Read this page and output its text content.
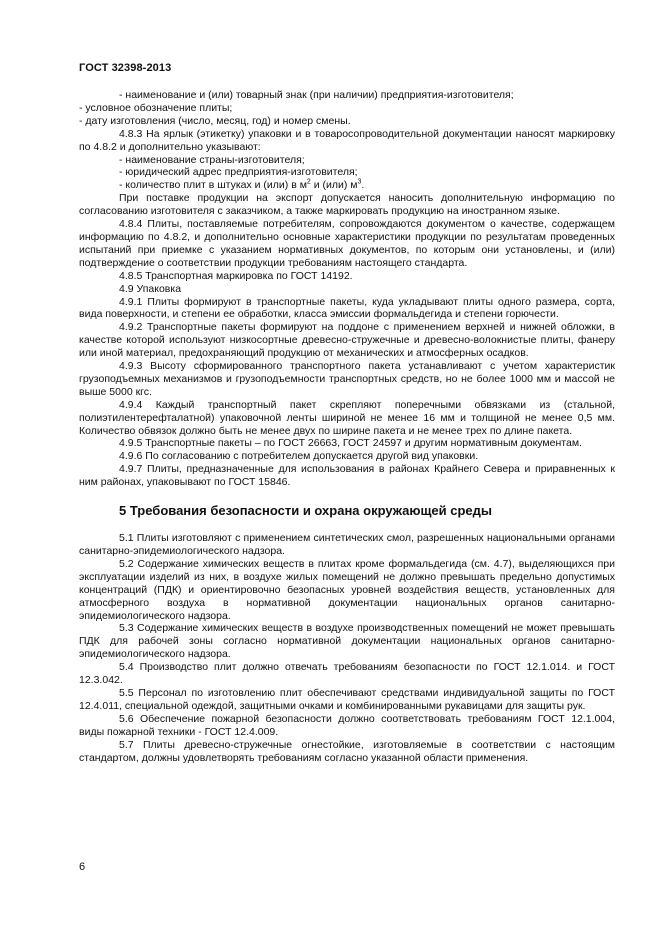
ГОСТ 32398-2013

- наименование и (или) товарный знак (при наличии) предприятия-изготовителя;

- условное обозначение плиты;

- дату изготовления (число, месяц, год) и номер смены.

4.8.3 На ярлык (этикетку) упаковки и в товаросопроводительной документации наносят маркировку по 4.8.2 и дополнительно указывают:

- наименование страны-изготовителя;

- юридический адрес предприятия-изготовителя;

- количество плит в штуках и (или) в $м^2$ и (или) $м^3$.

При поставке продукции на экспорт допускается наносить дополнительную информацию по согласованию изготовителя с заказчиком, а также маркировать продукцию на иностранном языке.

4.8.4 Плиты, поставляемые потребителям, сопровождаются документом о качестве, содержащем информацию по 4.8.2, и дополнительно основные характеристики продукции по результатам проведенных испытаний при приемке с указанием нормативных документов, по которым они установлены, и (или) подтверждение о соответствии продукции требованиям настоящего стандарта.

4.8.5 Транспортная маркировка по ГОСТ 14192.

4.9 Упаковка

4.9.1 Плиты формируют в транспортные пакеты, куда укладывают плиты одного размера, сорта, вида поверхности, и степени ее обработки, класса эмиссии формальдегида и степени горючести.

4.9.2 Транспортные пакеты формируют на поддоне с применением верхней и нижней обложки, в качестве которой используют низкосортные древесно-стружечные и древесно-волокнистые плиты, фанеру или иной материал, предохраняющий продукцию от механических и атмосферных осадков.

4.9.3 Высоту сформированного транспортного пакета устанавливают с учетом характеристик грузоподъемных механизмов и грузоподъемности транспортных средств, но не более 1000 мм и массой не выше 5000 кгс.

4.9.4 Каждый транспортный пакет скрепляют поперечными обвязками из (стальной, полиэтилентерефталатной) упаковочной ленты шириной не менее 16 мм и толщиной не менее 0,5 мм. Количество обвязок должно быть не менее двух по ширине пакета и не менее трех по длине пакета.

4.9.5 Транспортные пакеты – по ГОСТ 26663, ГОСТ 24597 и другим нормативным документам.

4.9.6 По согласованию с потребителем допускается другой вид упаковки.

4.9.7 Плиты, предназначенные для использования в районах Крайнего Севера и приравненных к ним районах, упаковывают по ГОСТ 15846.

5 Требования безопасности и охрана окружающей среды

5.1 Плиты изготовляют с применением синтетических смол, разрешенных национальными органами санитарно-эпидемиологического надзора.

5.2 Содержание химических веществ в плитах кроме формальдегида (см. 4.7), выделяющихся при эксплуатации изделий из них, в воздухе жилых помещений не должно превышать предельно допустимых концентраций (ПДК) и ориентировочно безопасных уровней воздействия веществ, установленных для атмосферного воздуха в нормативной документации национальных органов санитарно-эпидемиологического надзора.

5.3 Содержание химических веществ в воздухе производственных помещений не может превышать ПДК для рабочей зоны согласно нормативной документации национальных органов санитарно-эпидемиологического надзора.

5.4 Производство плит должно отвечать требованиям безопасности по ГОСТ 12.1.014. и ГОСТ 12.3.042.

5.5 Персонал по изготовлению плит обеспечивают средствами индивидуальной защиты по ГОСТ 12.4.011, специальной одеждой, защитными очками и комбинированными рукавицами для защиты рук.

5.6 Обеспечение пожарной безопасности должно соответствовать требованиям ГОСТ 12.1.004, виды пожарной техники - ГОСТ 12.4.009.

5.7 Плиты древесно-стружечные огнестойкие, изготовляемые в соответствии с настоящим стандартом, должны удовлетворять требованиям согласно указанной области применения.

6
